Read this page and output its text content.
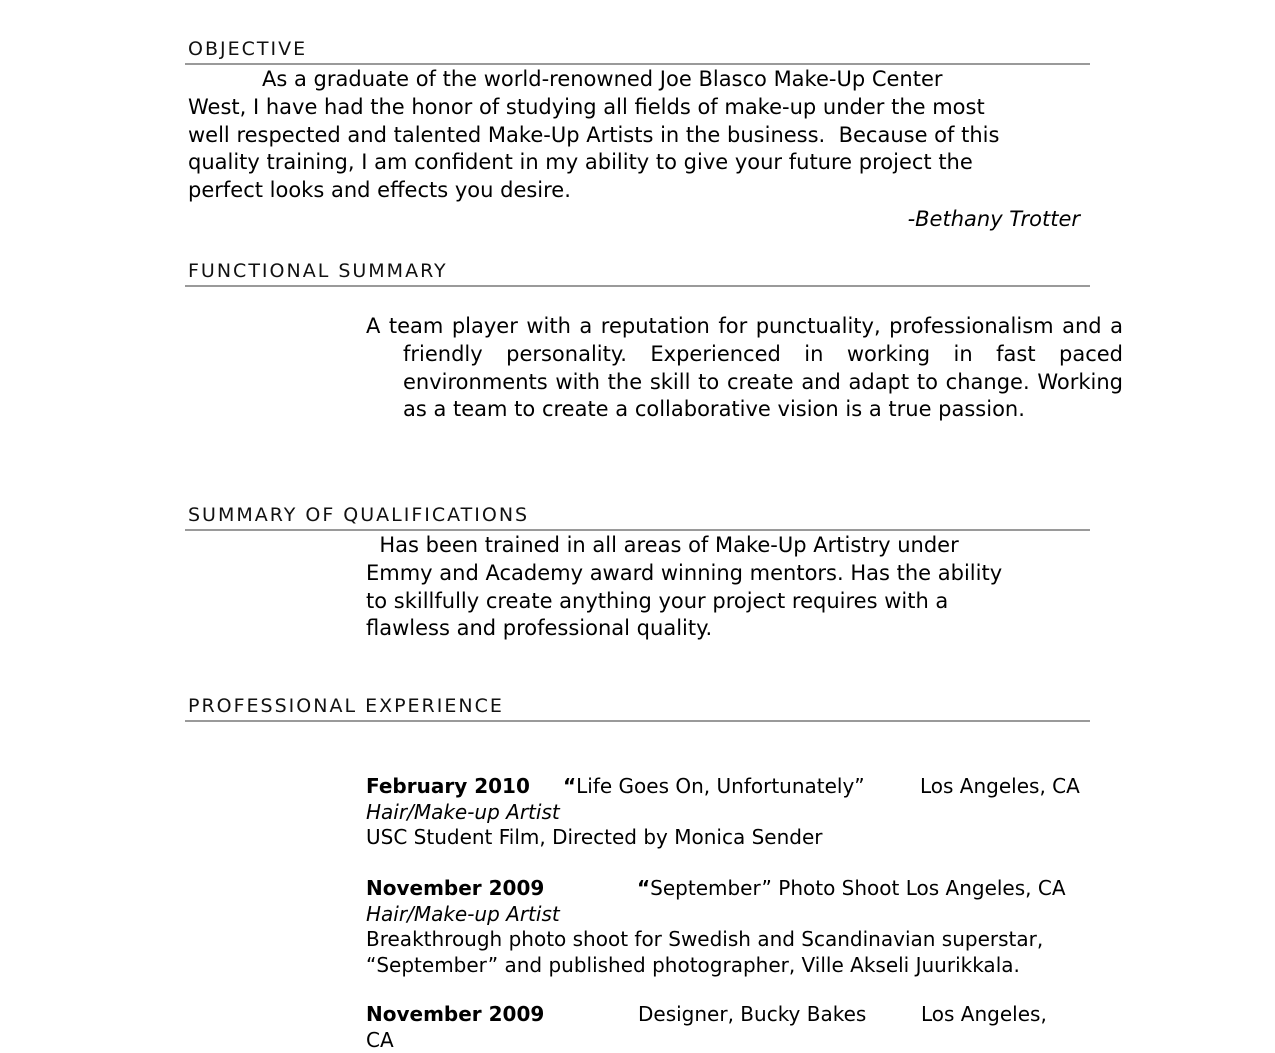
OBJECTIVE
As a graduate of the world-renowned Joe Blasco Make-Up Center
West, I have had the honor of studying all fields of make-up under the most
well respected and talented Make-Up Artists in the business.  Because of this
quality training, I am confident in my ability to give your future project the
perfect looks and effects you desire.
-Bethany Trotter
FUNCTIONAL SUMMARY
A team player with a reputation for punctuality, professionalism and a friendly personality. Experienced in working in fast paced environments with the skill to create and adapt to change. Working as a team to create a collaborative vision is a true passion.
SUMMARY OF QUALIFICATIONS
Has been trained in all areas of Make-Up Artistry under
Emmy and Academy award winning mentors. Has the ability
to skillfully create anything your project requires with a
flawless and professional quality.
PROFESSIONAL EXPERIENCE
February 2010 “Life Goes On, Unfortunately”	Los Angeles, CA
Hair/Make-up Artist
USC Student Film, Directed by Monica Sender
November 2009	“September” Photo Shoot Los Angeles, CA
Hair/Make-up Artist
Breakthrough photo shoot for Swedish and Scandinavian superstar,
“September” and published photographer, Ville Akseli Juurikkala.
November 2009	Designer, Bucky Bakes	Los Angeles,
CA
